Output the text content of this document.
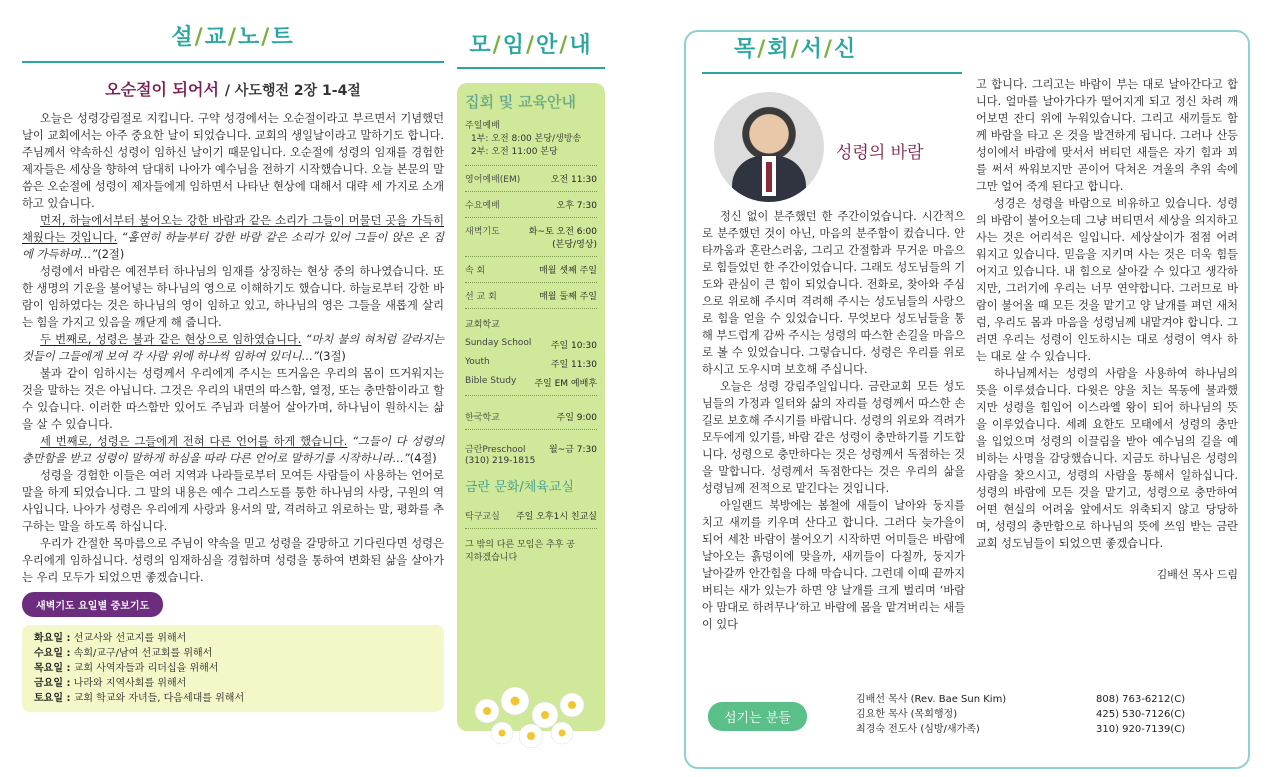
설/교/노/트
오순절이 되어서 / 사도행전 2장 1-4절

오늘은 성령강림절로 지킵니다. 구약 성경에서는 오순절이라고 부르면서 기념했던 날이 교회에서는 아주 중요한 날이 되었습니다. 교회의 생일날이라고 말하기도 합니다. 주님께서 약속하신 성령이 임하신 날이기 때문입니다. 오순절에 성령의 임재를 경험한 제자들은 세상을 향하여 담대히 나아가 예수님을 전하기 시작했습니다. 오늘 본문의 말씀은 오순절에 성령이 제자들에게 임하면서 나타난 현상에 대해서 대략 세 가지로 소개하고 있습니다.

먼저, 하늘에서부터 불어오는 강한 바람과 같은 소리가 그들이 머물던 곳을 가득히 채웠다는 것입니다. “홀연히 하늘부터 강한 바람 같은 소리가 있어 그들이 앉은 온 집에 가득하며…”(2절)

성령에서 바람은 예전부터 하나님의 임재를 상징하는 현상 중의 하나였습니다. 또한 생명의 기운을 불어넣는 하나님의 영으로 이해하기도 했습니다. 하늘로부터 강한 바람이 임하였다는 것은 하나님의 영이 임하고 있고, 하나님의 영은 그들을 새롭게 살리는 힘을 가지고 있음을 깨닫게 해 줍니다.

두 번째로, 성령은 불과 같은 현상으로 임하였습니다. “마치 불의 혀처럼 갈라지는 것들이 그들에게 보여 각 사람 위에 하나씩 임하여 있더니…”(3절)

불과 같이 임하시는 성령께서 우리에게 주시는 뜨거움은 우리의 몸이 뜨거워지는 것을 말하는 것은 아닙니다. 그것은 우리의 내면의 따스함, 열정, 또는 충만함이라고 할 수 있습니다. 이러한 따스함만 있어도 주님과 더불어 살아가며, 하나님이 원하시는 삶을 살 수 있습니다.

세 번째로, 성령은 그들에게 전혀 다른 언어를 하게 했습니다. “그들이 다 성령의 충만함을 받고 성령이 말하게 하심을 따라 다른 언어로 말하기를 시작하니라…”(4절)

성령을 경험한 이들은 여러 지역과 나라들로부터 모여든 사람들이 사용하는 언어로 말을 하게 되었습니다. 그 말의 내용은 예수 그리스도를 통한 하나님의 사랑, 구원의 역사입니다. 나아가 성령은 우리에게 사랑과 용서의 말, 격려하고 위로하는 말, 평화를 추구하는 말을 하도록 하십니다.

우리가 간절한 목마름으로 주님이 약속을 믿고 성령을 갈망하고 기다린다면 성령은 우리에게 임하십니다. 성령의 임재하심을 경험하며 성령을 통하여 변화된 삶을 살아가는 우리 모두가 되었으면 좋겠습니다.

새벽기도 요일별 중보기도
화요일 : 선교사와 선교지를 위해서
수요일 : 속회/교구/남여 선교회를 위해서
목요일 : 교회 사역자들과 리더십을 위해서
금요일 : 나라와 지역사회를 위해서
토요일 : 교회 학교와 자녀들, 다음세대를 위해서
모/임/안/내
집회 및 교육안내
주일예배
1부: 오전 8:00 본당/생방송
2부: 오전 11:00 본당
영어예배(EM)	오전 11:30
수요예배	오후 7:30
새벽기도	화~토 오전 6:00 (본당/영상)
속 회	매월 셋째 주일
선 교 회	매월 둘째 주일
교회학교
Sunday School 주일 10:30
Youth	주일 11:30
Bible Study 주일 EM 예배후
한국학교	주일 9:00
금란Preschool	월~금 7:30
(310) 219-1815
금란 문화/체육교실
탁구교실 주일 오후1시 친교실
그 밖의 다른 모임은 추후 공지하겠습니다
목/회/서/신
성령의 바람

정신 없이 분주했던 한 주간이었습니다. 시간적으로 분주했던 것이 아닌, 마음의 분주함이 컸습니다. 안타까움과 혼란스러움, 그리고 간절함과 무거운 마음으로 힘들었던 한 주간이었습니다. 그래도 성도님들의 기도와 관심이 큰 힘이 되었습니다. 전화로, 찾아와 주심으로 위로해 주시며 격려해 주시는 성도님들의 사랑으로 힘을 얻을 수 있었습니다. 무엇보다 성도님들을 통해 부드럽게 감싸 주시는 성령의 따스한 손길을 마음으로 볼 수 있었습니다. 그렇습니다. 성령은 우리를 위로하시고 도우시며 보호해 주십니다.

오늘은 성령 강림주일입니다. 금란교회 모든 성도님들의 가정과 일터와 삶의 자리를 성령께서 따스한 손길로 보호해 주시기를 바랍니다. 성령의 위로와 격려가 모두에게 있기를, 바람 같은 성령이 충만하기를 기도합니다. 성령으로 충만하다는 것은 성령께서 독점하는 것을 말합니다. 성령께서 독점한다는 것은 우리의 삶을 성령님께 전적으로 맡긴다는 것입니다.

아일랜드 북방에는 봄철에 새들이 날아와 둥지를 치고 새끼를 키우며 산다고 합니다. 그러다 늦가을이 되어 세찬 바람이 불어오기 시작하면 어미들은 바람에 날아오는 흙덩이에 맞을까, 새끼들이 다칠까, 둥지가 날아갈까 안간힘을 다해 막습니다. 그런데 이때 끝까지 버티는 새가 있는가 하면 양 날개를 크게 벌리며 ‘바람아 맘대로 하려무나’하고 바람에 몸을 맡겨버리는 새들이 있다

고 합니다. 그리고는 바람이 부는 대로 날아간다고 합니다. 얼마를 날아가다가 떨어지게 되고 정신 차려 깨어보면 잔디 위에 누워있습니다. 그리고 새끼들도 함께 바람을 타고 온 것을 발견하게 됩니다. 그러나 산등성이에서 바람에 맞서서 버티던 새들은 자기 힘과 꾀를 써서 싸워보지만 곧이어 닥쳐온 겨울의 추위 속에 그만 얼어 죽게 된다고 합니다.

성경은 성령을 바람으로 비유하고 있습니다. 성령의 바람이 불어오는데 그냥 버티면서 세상을 의지하고 사는 것은 어리석은 일입니다. 세상살이가 점점 어려워지고 있습니다. 믿음을 지키며 사는 것은 더욱 힘들어지고 있습니다. 내 힘으로 살아갈 수 있다고 생각하지만, 그러기에 우리는 너무 연약합니다. 그러므로 바람이 불어올 때 모든 것을 맡기고 양 날개를 펴던 새처럼, 우리도 몸과 마음을 성령님께 내맡겨야 합니다. 그러면 우리는 성령이 인도하시는 대로 성령이 역사 하는 대로 살 수 있습니다.

하나님께서는 성령의 사람을 사용하여 하나님의 뜻을 이루셨습니다. 다윗은 양을 치는 목동에 불과했지만 성령을 힘입어 이스라엘 왕이 되어 하나님의 뜻을 이루었습니다. 세례 요한도 모태에서 성령의 충만을 입었으며 성령의 이끌림을 받아 예수님의 길을 예비하는 사명을 감당했습니다. 지금도 하나님은 성령의 사람을 찾으시고, 성령의 사람을 통해서 일하십니다. 성령의 바람에 모든 것을 맡기고, 성령으로 충만하여 어떤 현실의 어려움 앞에서도 위축되지 않고 당당하며, 성령의 충만함으로 하나님의 뜻에 쓰임 받는 금란교회 성도님들이 되었으면 좋겠습니다.

김배선 목사 드림
섬기는 분들
김배선 목사 (Rev. Bae Sun Kim)	808) 763-6212(C)
김요한 목사 (목회행정)	425) 530-7126(C)
최경숙 전도사 (심방/새가족)	310) 920-7139(C)
